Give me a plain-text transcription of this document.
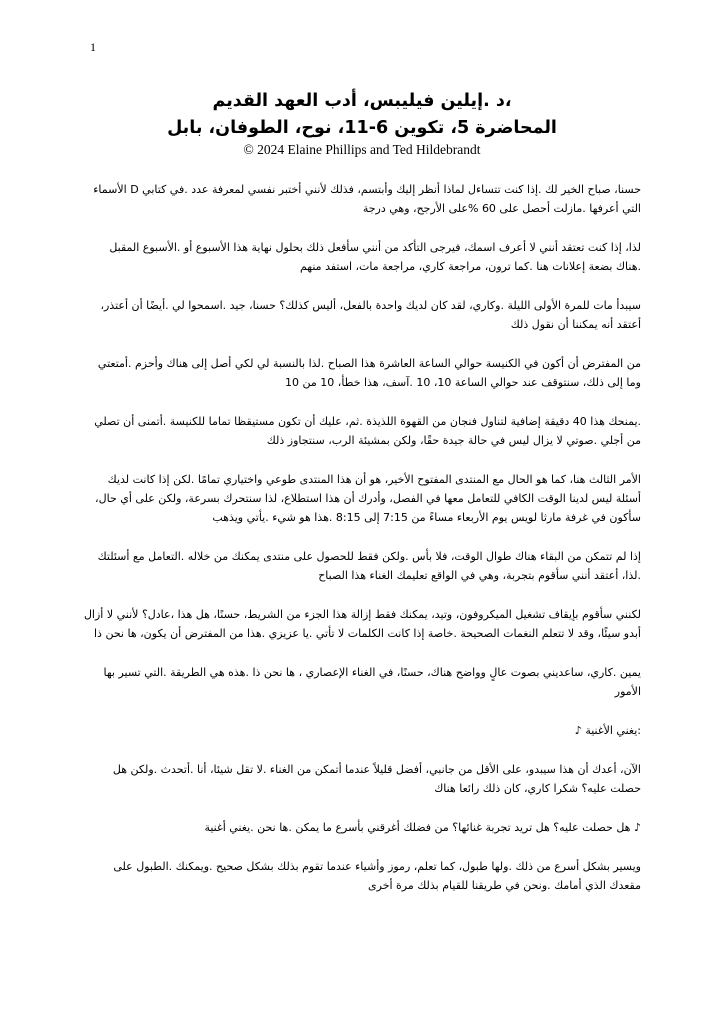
1
،د .إيلين فيليبس، أدب العهد القديم
المحاضرة 5، تكوين 6-11، نوح، الطوفان، بابل
© 2024 Elaine Phillips and Ted Hildebrandt

حسنا، صباح الخير لك .إذا كنت تتساءل لماذا أنظر إليك وأبتسم، فذلك لأنني أختبر نفسي لمعرفة عدد .في كتابي D الأسماء التي أعرفها .مازلت أحصل على 60 %على الأرجح، وهي درجة

لذا، إذا كنت تعتقد أنني لا أعرف اسمك، فيرجى التأكد من أنني سأفعل ذلك بحلول نهاية هذا الأسبوع أو .الأسبوع المقبل .هناك بضعة إعلانات هنا .كما ترون، مراجعة كاري، مراجعة مات، استفد منهم

سيبدأ مات للمرة الأولى الليلة .وكاري، لقد كان لديك واحدة بالفعل، أليس كذلك؟ حسنا، جيد .اسمحوا لي .أيضًا أن أعتذر، أعتقد أنه يمكننا أن نقول ذلك

من المفترض أن أكون في الكنيسة حوالي الساعة العاشرة هذا الصباح .لذا بالنسبة لي لكي أصل إلى هناك وأحزم .أمتعتي وما إلى ذلك، سنتوقف عند حوالي الساعة 10، 10 .آسف، هذا خطأ، 10 من 10

.يمنحك هذا 40 دقيقة إضافية لتناول فنجان من القهوة اللذيذة .ثم، عليك أن تكون مستيقظا تماما للكنيسة .أتمنى أن تصلي من أجلي .صوتي لا يزال ليس في حالة جيدة حقًا، ولكن بمشيئة الرب، سنتجاوز ذلك

الأمر الثالث هنا، كما هو الحال مع المنتدى المفتوح الأخير، هو أن هذا المنتدى طوعي واختياري تمامًا .لكن إذا كانت لديك أسئلة ليس لدينا الوقت الكافي للتعامل معها في الفصل، وأدرك أن هذا استطلاع، لذا سنتحرك بسرعة، ولكن على أي حال، سأكون في غرفة مارثا لويس يوم الأربعاء مساءً من 7:15 إلى 8:15 .هذا هو شيء .يأتي ويذهب

إذا لم تتمكن من البقاء هناك طوال الوقت، فلا بأس .ولكن فقط للحصول على منتدى يمكنك من خلاله .التعامل مع أسئلتك .لذا، أعتقد أنني سأقوم بتجربة، وهي في الواقع تعليمك الغناء هذا الصباح

لكنني سأقوم بإيقاف تشغيل الميكروفون، وتيد، يمكنك فقط إزالة هذا الجزء من الشريط، حسنًا، هل هذا ،عادل؟ لأنني لا أزال أبدو سيئًا، وقد لا تتعلم النغمات الصحيحة .خاصة إذا كانت الكلمات لا تأتي .يا عزيزي .هذا من المفترض أن يكون، ها نحن ذا

يمين .كاري، ساعديني بصوت عالٍ وواضح هناك، حسنًا، في الغناء الإعصاري ، ها نحن ذا .هذه هي الطريقة .التي تسير بها الأمور

:يغني الأغنية ♪

الآن، أعدك أن هذا سيبدو، على الأقل من جانبي، أفضل قليلاً عندما أتمكن من الغناء .لا تقل شيئا، أنا .أتحدث .ولكن هل حصلت عليه؟ شكرا كاري، كان ذلك رائعا هناك

♪ هل حصلت عليه؟ هل تريد تجربة غنائها؟ من فضلك أغرقني بأسرع ما يمكن .ها نحن .يغني أغنية

ويسير بشكل أسرع من ذلك .ولها طبول، كما تعلم، رموز وأشياء عندما تقوم بذلك بشكل صحيح .ويمكنك .الطبول على مقعدك الذي أمامك .ونحن في طريقنا للقيام بذلك مرة أخرى
